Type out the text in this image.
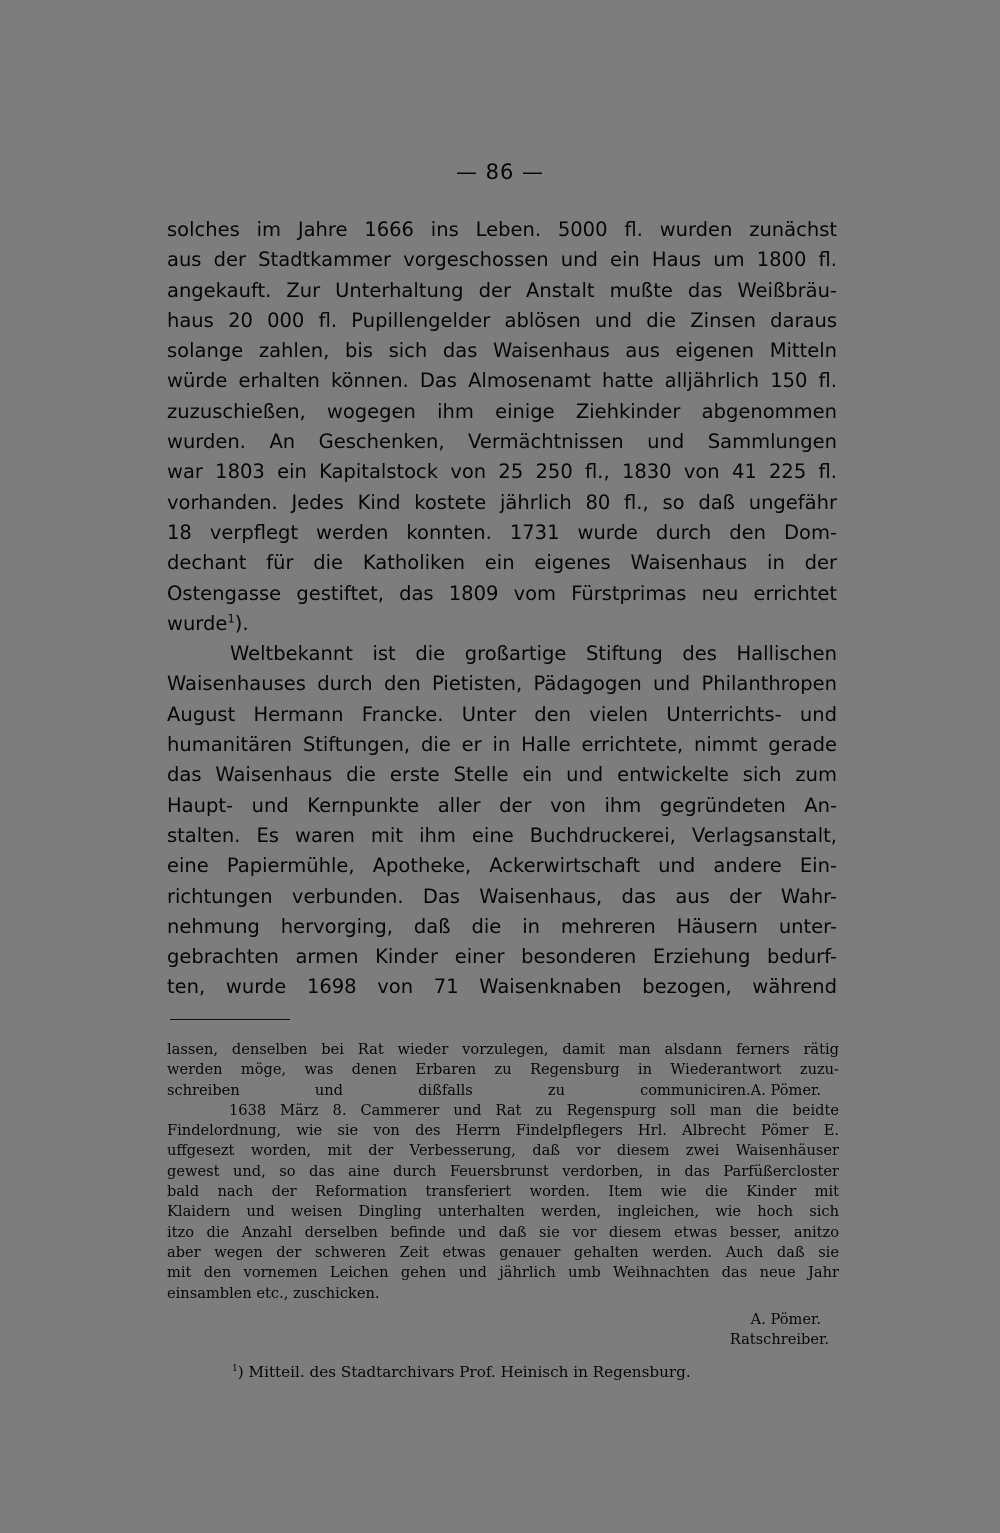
— 86 —
solches im Jahre 1666 ins Leben. 5000 fl. wurden zunächst
aus der Stadtkammer vorgeschossen und ein Haus um 1800 fl.
angekauft. Zur Unterhaltung der Anstalt mußte das Weißbräu-
haus 20 000 fl. Pupillengelder ablösen und die Zinsen daraus
solange zahlen, bis sich das Waisenhaus aus eigenen Mitteln
würde erhalten können. Das Almosenamt hatte alljährlich 150 fl.
zuzuschießen, wogegen ihm einige Ziehkinder abgenommen
wurden. An Geschenken, Vermächtnissen und Sammlungen
war 1803 ein Kapitalstock von 25 250 fl., 1830 von 41 225 fl.
vorhanden. Jedes Kind kostete jährlich 80 fl., so daß ungefähr
18 verpflegt werden konnten. 1731 wurde durch den Dom-
dechant für die Katholiken ein eigenes Waisenhaus in der
Ostengasse gestiftet, das 1809 vom Fürstprimas neu errichtet
wurde$^1$).
Weltbekannt ist die großartige Stiftung des Hallischen
Waisenhauses durch den Pietisten, Pädagogen und Philanthropen
August Hermann Francke. Unter den vielen Unterrichts- und
humanitären Stiftungen, die er in Halle errichtete, nimmt gerade
das Waisenhaus die erste Stelle ein und entwickelte sich zum
Haupt- und Kernpunkte aller der von ihm gegründeten An-
stalten. Es waren mit ihm eine Buchdruckerei, Verlagsanstalt,
eine Papiermühle, Apotheke, Ackerwirtschaft und andere Ein-
richtungen verbunden. Das Waisenhaus, das aus der Wahr-
nehmung hervorging, daß die in mehreren Häusern unter-
gebrachten armen Kinder einer besonderen Erziehung bedurf-
ten, wurde 1698 von 71 Waisenknaben bezogen, während
lassen, denselben bei Rat wieder vorzulegen, damit man alsdann ferners rätig
werden möge, was denen Erbaren zu Regensburg in Wiederantwort zuzu-
schreiben und dißfalls zu communiciren. A. Pömer.
1638 März 8. Cammerer und Rat zu Regenspurg soll man die beidte
Findelordnung, wie sie von des Herrn Findelpflegers Hrl. Albrecht Pömer E.
uffgesezt worden, mit der Verbesserung, daß vor diesem zwei Waisenhäuser
gewest und, so das aine durch Feuersbrunst verdorben, in das Parfüßercloster
bald nach der Reformation transferiert worden. Item wie die Kinder mit
Klaidern und weisen Dingling unterhalten werden, ingleichen, wie hoch sich
itzo die Anzahl derselben befinde und daß sie vor diesem etwas besser, anitzo
aber wegen der schweren Zeit etwas genauer gehalten werden. Auch daß sie
mit den vornemen Leichen gehen und jährlich umb Weihnachten das neue Jahr
einsamblen etc., zuschicken.
A. Pömer.
Ratschreiber.
$^1$) Mitteil. des Stadtarchivars Prof. Heinisch in Regensburg.
